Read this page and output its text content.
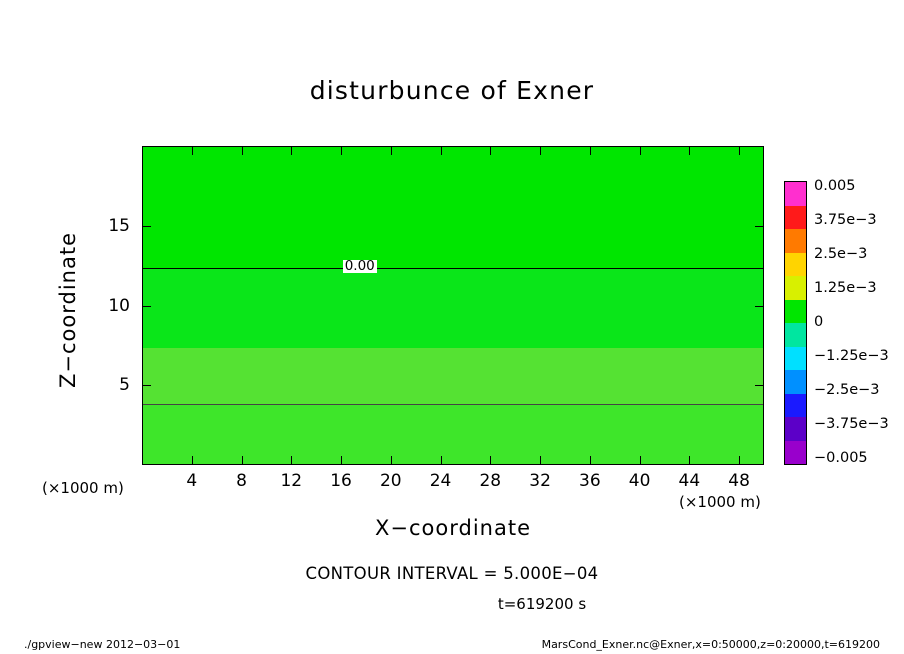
disturbunce of Exner
0.00
4	8	12	16	20	24	28	32	36	40	44	48
5
10
15
X−coordinate
Z−coordinate
(×1000 m)
(×1000 m)
0.005
3.75e−3
2.5e−3
1.25e−3
0
−1.25e−3
−2.5e−3
−3.75e−3
−0.005
CONTOUR INTERVAL = 5.000E−04
t=619200 s
./gpview−new 2012−03−01	MarsCond_Exner.nc@Exner,x=0:50000,z=0:20000,t=619200
